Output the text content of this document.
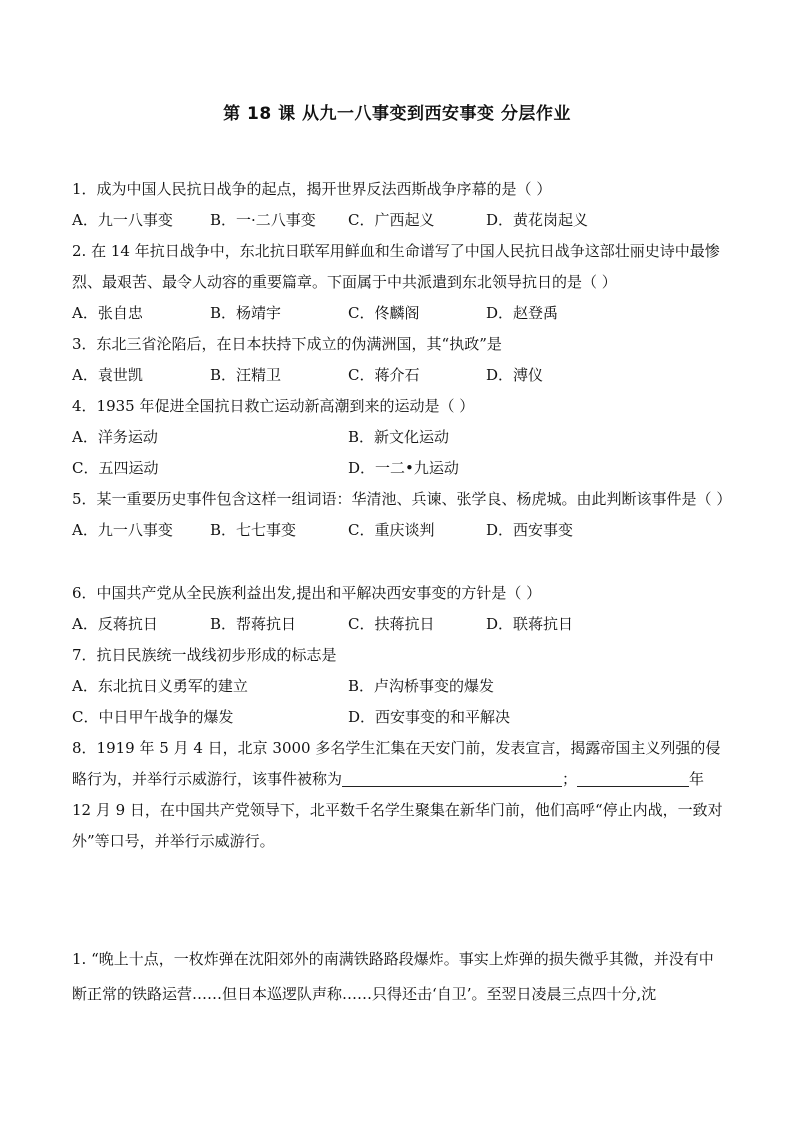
第 18 课 从九一八事变到西安事变 分层作业
1．成为中国人民抗日战争的起点，揭开世界反法西斯战争序幕的是（ ）
A．九一八事变	B．一·二八事变	C．广西起义	D．黄花岗起义
2. 在 14 年抗日战争中，东北抗日联军用鲜血和生命谱写了中国人民抗日战争这部壮丽史诗中最惨烈、最艰苦、最令人动容的重要篇章。下面属于中共派遣到东北领导抗日的是（ ）
A．张自忠	B．杨靖宇	C．佟麟阁	D．赵登禹
3．东北三省沦陷后，在日本扶持下成立的伪满洲国，其“执政”是
A．袁世凯	B．汪精卫	C．蒋介石	D．溥仪
4．1935 年促进全国抗日救亡运动新高潮到来的运动是（ ）
A．洋务运动	B．新文化运动
C．五四运动	D．一二•九运动
5．某一重要历史事件包含这样一组词语：华清池、兵谏、张学良、杨虎城。由此判断该事件是（ ）
A．九一八事变	B．七七事变	C．重庆谈判	D．西安事变
6．中国共产党从全民族利益出发,提出和平解决西安事变的方针是（ ）
A．反蒋抗日	B．帮蒋抗日	C．扶蒋抗日	D．联蒋抗日
7．抗日民族统一战线初步形成的标志是
A．东北抗日义勇军的建立	B．卢沟桥事变的爆发
C．中日甲午战争的爆发	D．西安事变的和平解决
8．1919 年 5 月 4 日，北京 3000 多名学生汇集在天安门前，发表宣言，揭露帝国主义列强的侵略行为，并举行示威游行，该事件被称为	；	年 12 月 9 日，在中国共产党领导下，北平数千名学生聚集在新华门前，他们高呼“停止内战，一致对外”等口号，并举行示威游行。
1. “晚上十点，一枚炸弹在沈阳郊外的南满铁路路段爆炸。事实上炸弹的损失微乎其微，并没有中断正常的铁路运营……但日本巡逻队声称……只得还击‘自卫’。至翌日凌晨三点四十分,沈
